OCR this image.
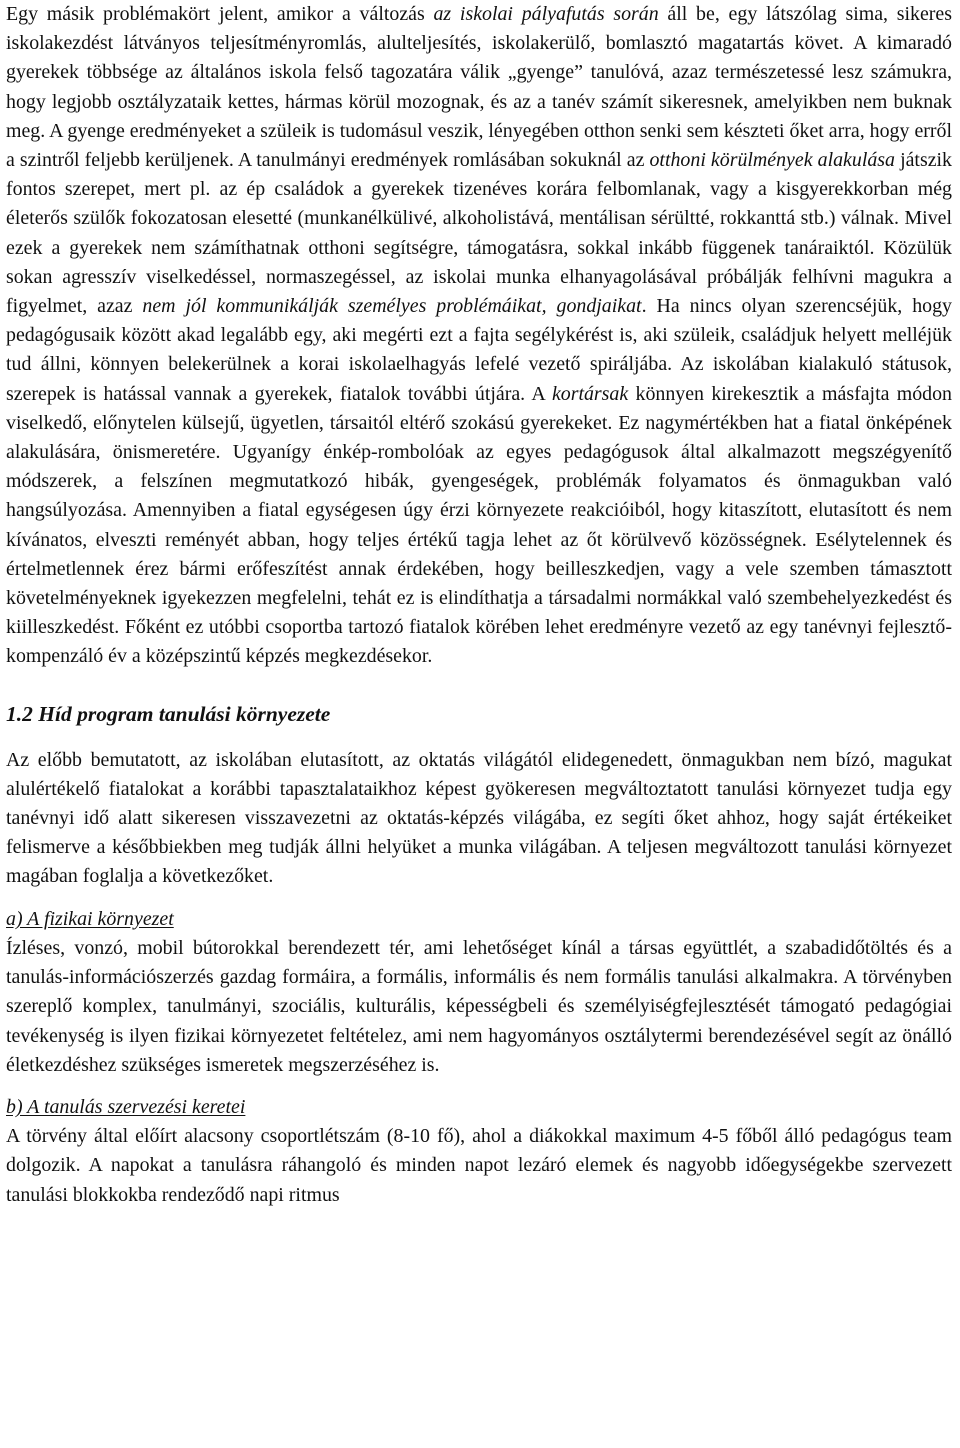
Egy másik problémakört jelent, amikor a változás az iskolai pályafutás során áll be, egy látszólag sima, sikeres iskolakezdést látványos teljesítményromlás, alulteljesítés, iskolakerülő, bomlasztó magatartás követ. A kimaradó gyerekek többsége az általános iskola felső tagozatára válik „gyenge” tanulóvá, azaz természetessé lesz számukra, hogy legjobb osztályzataik kettes, hármas körül mozognak, és az a tanév számít sikeresnek, amelyikben nem buknak meg. A gyenge eredményeket a szüleik is tudomásul veszik, lényegében otthon senki sem készteti őket arra, hogy erről a szintről feljebb kerüljenek. A tanulmányi eredmények romlásában sokuknál az otthoni körülmények alakulása játszik fontos szerepet, mert pl. az ép családok a gyerekek tizenéves korára felbomlanak, vagy a kisgyerekkorban még életerős szülők fokozatosan elesetté (munkanélkülivé, alkoholistává, mentálisan sérültté, rokkanttá stb.) válnak. Mivel ezek a gyerekek nem számíthatnak otthoni segítségre, támogatásra, sokkal inkább függenek tanáraiktól. Közülük sokan agresszív viselkedéssel, normaszegéssel, az iskolai munka elhanyagolásával próbálják felhívni magukra a figyelmet, azaz nem jól kommunikálják személyes problémáikat, gondjaikat. Ha nincs olyan szerencséjük, hogy pedagógusaik között akad legalább egy, aki megérti ezt a fajta segélykérést is, aki szüleik, családjuk helyett melléjük tud állni, könnyen belekerülnek a korai iskolaelhagyás lefelé vezető spiráljába. Az iskolában kialakuló státusok, szerepek is hatással vannak a gyerekek, fiatalok további útjára. A kortársak könnyen kirekesztik a másfajta módon viselkedő, előnytelen külsejű, ügyetlen, társaitól eltérő szokású gyerekeket. Ez nagymértékben hat a fiatal önképének alakulására, önismeretére. Ugyanígy énkép-rombolóak az egyes pedagógusok által alkalmazott megszégyenítő módszerek, a felszínen megmutatkozó hibák, gyengeségek, problémák folyamatos és önmagukban való hangsúlyozása. Amennyiben a fiatal egységesen úgy érzi környezete reakcióiból, hogy kitaszított, elutasított és nem kívánatos, elveszti reményét abban, hogy teljes értékű tagja lehet az őt körülvevő közösségnek. Esélytelennek és értelmetlennek érez bármi erőfeszítést annak érdekében, hogy beilleszkedjen, vagy a vele szemben támasztott követelményeknek igyekezzen megfelelni, tehát ez is elindíthatja a társadalmi normákkal való szembehelyezkedést és kiilleszkedést. Főként ez utóbbi csoportba tartozó fiatalok körében lehet eredményre vezető az egy tanévnyi fejlesztő-kompenzáló év a középszintű képzés megkezdésekor.

1.2 Híd program tanulási környezete

Az előbb bemutatott, az iskolában elutasított, az oktatás világától elidegenedett, önmagukban nem bízó, magukat alulértékelő fiatalokat a korábbi tapasztalataikhoz képest gyökeresen megváltoztatott tanulási környezet tudja egy tanévnyi idő alatt sikeresen visszavezetni az oktatás-képzés világába, ez segíti őket ahhoz, hogy saját értékeiket felismerve a későbbiekben meg tudják állni helyüket a munka világában. A teljesen megváltozott tanulási környezet magában foglalja a következőket.

a) A fizikai környezet

Ízléses, vonzó, mobil bútorokkal berendezett tér, ami lehetőséget kínál a társas együttlét, a szabadidőtöltés és a tanulás-információszerzés gazdag formáira, a formális, informális és nem formális tanulási alkalmakra. A törvényben szereplő komplex, tanulmányi, szociális, kulturális, képességbeli és személyiségfejlesztését támogató pedagógiai tevékenység is ilyen fizikai környezetet feltételez, ami nem hagyományos osztálytermi berendezésével segít az önálló életkezdéshez szükséges ismeretek megszerzéséhez is.

b) A tanulás szervezési keretei

A törvény által előírt alacsony csoportlétszám (8-10 fő), ahol a diákokkal maximum 4-5 főből álló pedagógus team dolgozik. A napokat a tanulásra ráhangoló és minden napot lezáró elemek és nagyobb időegységekbe szervezett tanulási blokkokba rendeződő napi ritmus
